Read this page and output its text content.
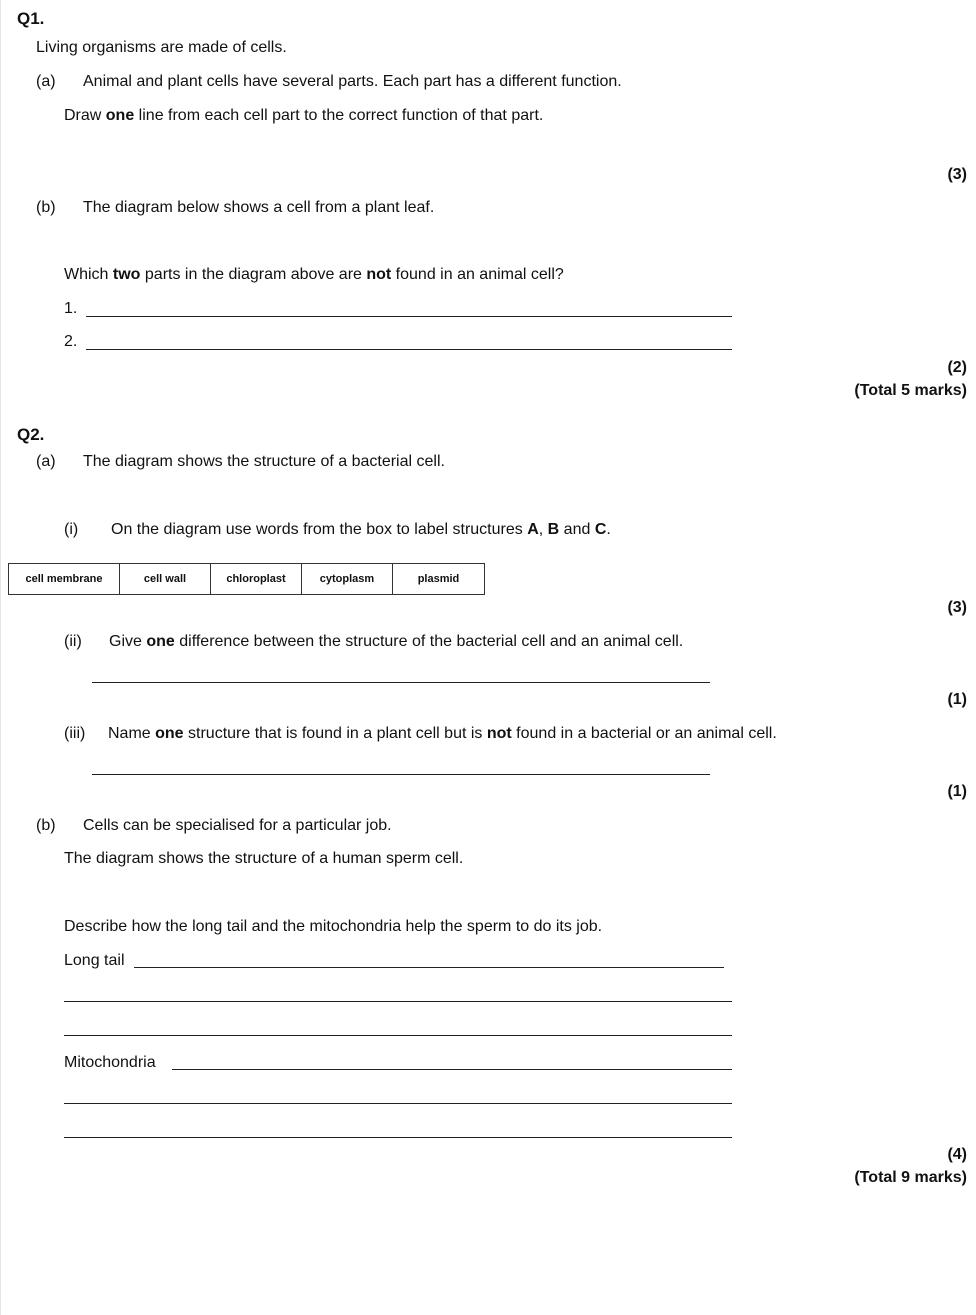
Q1.
Living organisms are made of cells.
(a) Animal and plant cells have several parts. Each part has a different function.
Draw one line from each cell part to the correct function of that part.
(3)
(b) The diagram below shows a cell from a plant leaf.
Which two parts in the diagram above are not found in an animal cell?
1.
2.
(2)
(Total 5 marks)
Q2.
(a) The diagram shows the structure of a bacterial cell.
(i) On the diagram use words from the box to label structures A, B and C.
cell membrane	cell wall	chloroplast	cytoplasm	plasmid
(3)
(ii) Give one difference between the structure of the bacterial cell and an animal cell.
(1)
(iii) Name one structure that is found in a plant cell but is not found in a bacterial or an animal cell.
(1)
(b) Cells can be specialised for a particular job.
The diagram shows the structure of a human sperm cell.
Describe how the long tail and the mitochondria help the sperm to do its job.
Long tail
Mitochondria
(4)
(Total 9 marks)
